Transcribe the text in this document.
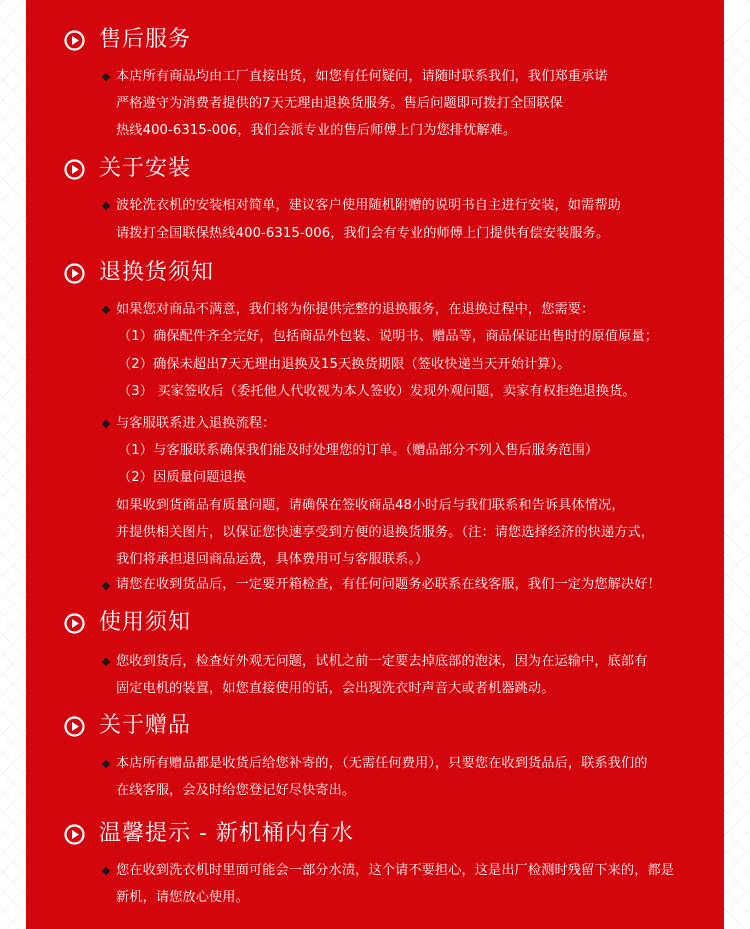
售后服务
本店所有商品均由工厂直接出货，如您有任何疑问，请随时联系我们，我们郑重承诺
严格遵守为消费者提供的7天无理由退换货服务。售后问题即可拨打全国联保
热线400-6315-006，我们会派专业的售后师傅上门为您排忧解难。
关于安装
波轮洗衣机的安装相对简单，建议客户使用随机附赠的说明书自主进行安装，如需帮助
请拨打全国联保热线400-6315-006，我们会有专业的师傅上门提供有偿安装服务。
退换货须知
如果您对商品不满意，我们将为你提供完整的退换服务，在退换过程中，您需要：
（1）确保配件齐全完好，包括商品外包装、说明书、赠品等，商品保证出售时的原值原量；
（2）确保未超出7天无理由退换及15天换货期限（签收快递当天开始计算）。
（3） 买家签收后（委托他人代收视为本人签收）发现外观问题，卖家有权拒绝退换货。
与客服联系进入退换流程：
（1）与客服联系确保我们能及时处理您的订单。（赠品部分不列入售后服务范围）
（2）因质量问题退换
如果收到货商品有质量问题，请确保在签收商品48小时后与我们联系和告诉具体情况，
并提供相关图片，以保证您快速享受到方便的退换货服务。（注：请您选择经济的快递方式，
我们将承担退回商品运费，具体费用可与客服联系。）
请您在收到货品后，一定要开箱检查，有任何问题务必联系在线客服，我们一定为您解决好！
使用须知
您收到货后，检查好外观无问题，试机之前一定要去掉底部的泡沫，因为在运输中，底部有
固定电机的装置，如您直接使用的话，会出现洗衣时声音大或者机器跳动。
关于赠品
本店所有赠品都是收货后给您补寄的，（无需任何费用），只要您在收到货品后，联系我们的
在线客服，会及时给您登记好尽快寄出。
温馨提示 - 新机桶内有水
您在收到洗衣机时里面可能会一部分水渍，这个请不要担心，这是出厂检测时残留下来的，都是
新机，请您放心使用。
